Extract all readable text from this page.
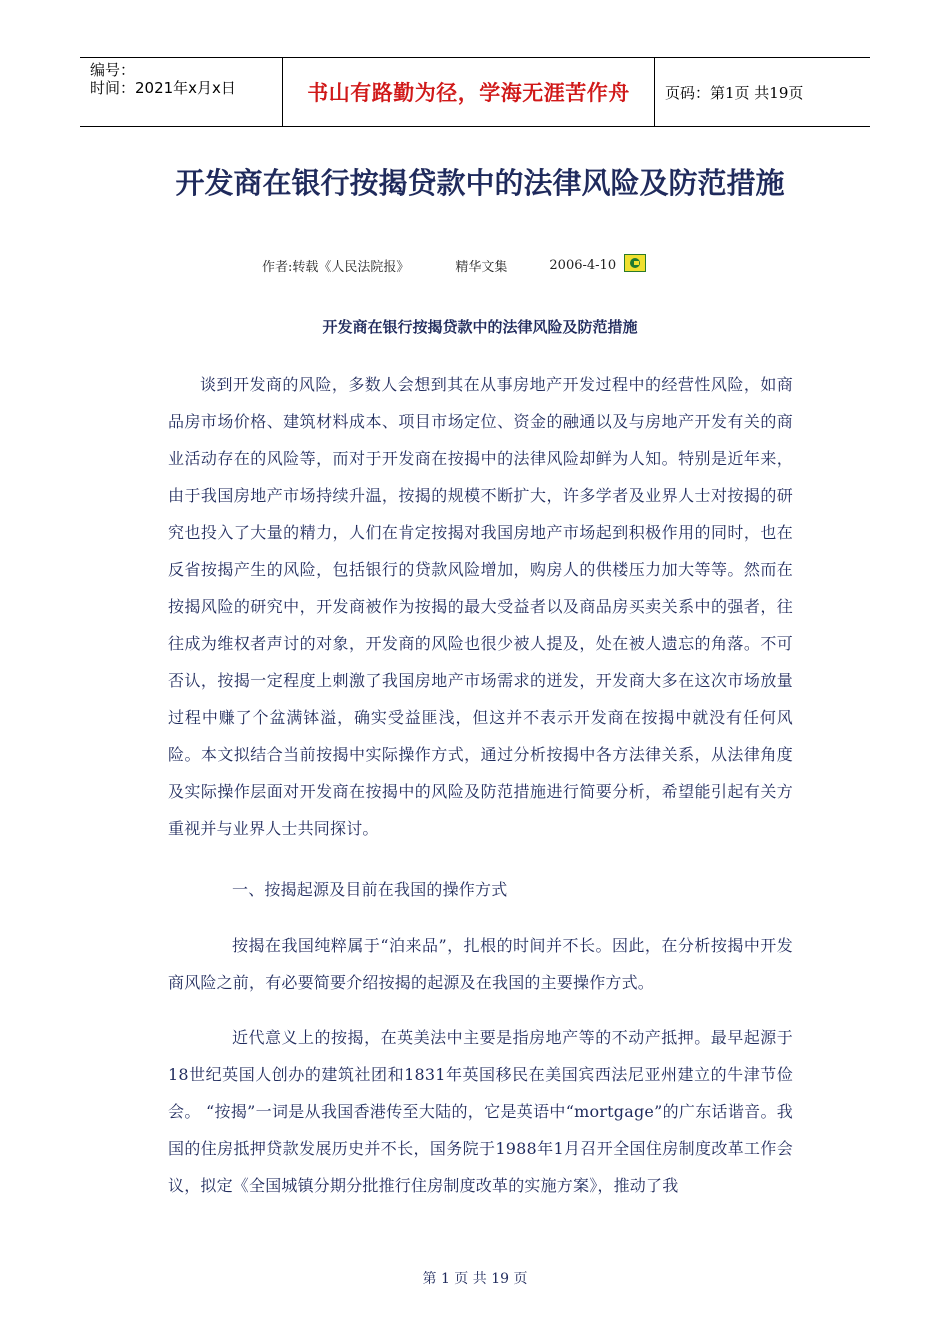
编号：
时间：2021年x月x日	书山有路勤为径，学海无涯苦作舟 页码：第1页 共19页
开发商在银行按揭贷款中的法律风险及防范措施
作者:转载《人民法院报》	精华文集	2006-4-10
开发商在银行按揭贷款中的法律风险及防范措施

谈到开发商的风险，多数人会想到其在从事房地产开发过程中的经营性风险，如商品房市场价格、建筑材料成本、项目市场定位、资金的融通以及与房地产开发有关的商业活动存在的风险等，而对于开发商在按揭中的法律风险却鲜为人知。特别是近年来，由于我国房地产市场持续升温，按揭的规模不断扩大，许多学者及业界人士对按揭的研究也投入了大量的精力，人们在肯定按揭对我国房地产市场起到积极作用的同时，也在反省按揭产生的风险，包括银行的贷款风险增加，购房人的供楼压力加大等等。然而在按揭风险的研究中，开发商被作为按揭的最大受益者以及商品房买卖关系中的强者，往往成为维权者声讨的对象，开发商的风险也很少被人提及，处在被人遗忘的角落。不可否认，按揭一定程度上刺激了我国房地产市场需求的迸发，开发商大多在这次市场放量过程中赚了个盆满钵溢，确实受益匪浅，但这并不表示开发商在按揭中就没有任何风险。本文拟结合当前按揭中实际操作方式，通过分析按揭中各方法律关系，从法律角度及实际操作层面对开发商在按揭中的风险及防范措施进行简要分析，希望能引起有关方重视并与业界人士共同探讨。

一、按揭起源及目前在我国的操作方式

按揭在我国纯粹属于“泊来品”，扎根的时间并不长。因此，在分析按揭中开发商风险之前，有必要简要介绍按揭的起源及在我国的主要操作方式。

近代意义上的按揭，在英美法中主要是指房地产等的不动产抵押。最早起源于18世纪英国人创办的建筑社团和1831年英国移民在美国宾西法尼亚州建立的牛津节俭会。 “按揭”一词是从我国香港传至大陆的，它是英语中“mortgage”的广东话谐音。我国的住房抵押贷款发展历史并不长，国务院于1988年1月召开全国住房制度改革工作会议，拟定《全国城镇分期分批推行住房制度改革的实施方案》，推动了我

第 1 页 共 19 页
